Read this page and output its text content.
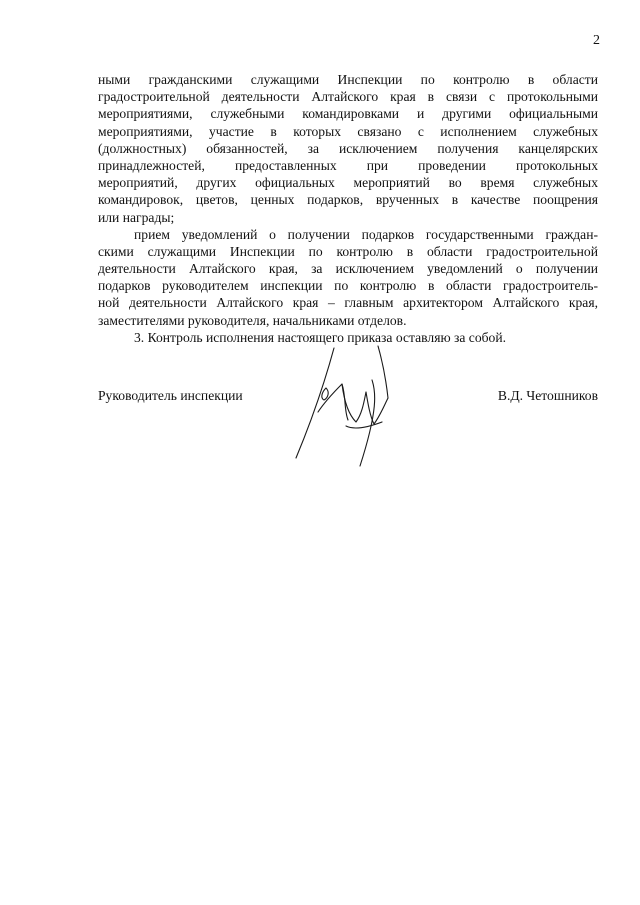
2
ными гражданскими служащими Инспекции по контролю в области
градостроительной деятельности Алтайского края в связи с протокольными
мероприятиями, служебными командировками и другими официальными
мероприятиями, участие в которых связано с исполнением служебных
(должностных) обязанностей, за исключением получения канцелярских
принадлежностей, предоставленных при проведении протокольных
мероприятий, других официальных мероприятий во время служебных
командировок, цветов, ценных подарков, врученных в качестве поощрения
или награды;
прием уведомлений о получении подарков государственными граждан-
скими служащими Инспекции по контролю в области градостроительной
деятельности Алтайского края, за исключением уведомлений о получении
подарков руководителем инспекции по контролю в области градостроитель-
ной деятельности Алтайского края – главным архитектором Алтайского края,
заместителями руководителя, начальниками отделов.
3. Контроль исполнения настоящего приказа оставляю за собой.
Руководитель инспекции	В.Д. Четошников
